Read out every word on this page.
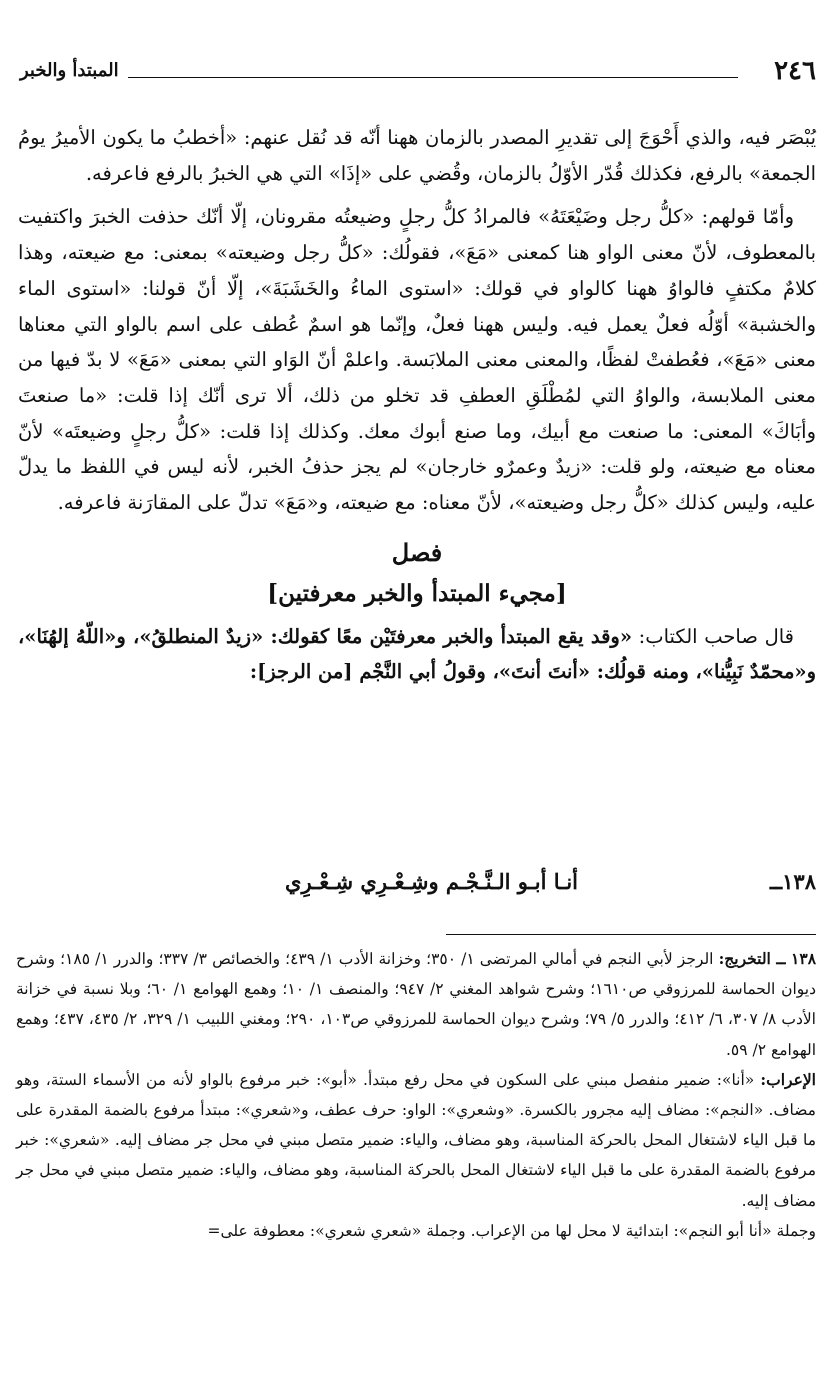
٢٤٦
المبتدأ والخبر

يُبْصَر فيه، والذي أَحْوَجَ إلى تقديرِ المصدر بالزمان ههنا أنّه قد نُقل عنهم: «أخطبُ ما يكون الأميرُ يومُ الجمعة» بالرفع، فكذلك قُدّر الأوّلُ بالزمان، وقُضي على «إذَا» التي هي الخبرُ بالرفع فاعرفه.

وأمّا قولهم: «كلُّ رجل وضَيْعَتَهُ» فالمرادُ كلُّ رجلٍ وضيعتُه مقرونان، إلّا أنّك حذفت الخبرَ واكتفيت بالمعطوف، لأنّ معنى الواو هنا كمعنى «مَعَ»، فقولُك: «كلُّ رجل وضيعته» بمعنى: مع ضيعته، وهذا كلامٌ مكتفٍ فالواوُ ههنا كالواو في قولك: «استوى الماءُ والخَشَبَةَ»، إلّا أنّ قولنا: «استوى الماء والخشبة» أوّلُه فعلٌ يعمل فيه. وليس ههنا فعلٌ، وإنّما هو اسمٌ عُطف على اسم بالواو التي معناها معنى «مَعَ»، فعُطفتْ لفظًا، والمعنى معنى الملابَسة. واعلمْ أنّ الوَاو التي بمعنى «مَعَ» لا بدّ فيها من معنى الملابسة، والواوُ التي لمُطْلَقِ العطفِ قد تخلو من ذلك، ألا ترى أنّك إذا قلت: «ما صنعتَ وأبَاكَ» المعنى: ما صنعت مع أبيك، وما صنع أبوك معك. وكذلك إذا قلت: «كلُّ رجلٍ وضيعتَه» لأنّ معناه مع ضيعته، ولو قلت: «زيدٌ وعمرٌو خارجان» لم يجز حذفُ الخبر، لأنه ليس في اللفظ ما يدلّ عليه، وليس كذلك «كلُّ رجل وضيعته»، لأنّ معناه: مع ضيعته، و«مَعَ» تدلّ على المقارَنة فاعرفه.

فصل
[مجيء المبتدأ والخبر معرفتين]

قال صاحب الكتاب: «وقد يقع المبتدأ والخبر معرفتَيْن معًا كقولك: «زيدٌ المنطلقُ»، و«اللّهُ إلهُنَا»، و«محمّدٌ نَبِيُّنا»، ومنه قولُك: «أنتَ أنتَ»، وقولُ أبي النَّجْم [من الرجز]:

١٣٨ــ
أنـا أبـو الـنَّـجْـم وشِـعْـرِي شِـعْـرِي

١٣٨ ــ التخريج: الرجز لأبي النجم في أمالي المرتضى ١/ ٣٥٠؛ وخزانة الأدب ١/ ٤٣٩؛ والخصائص ٣/ ٣٣٧؛ والدرر ١/ ١٨٥؛ وشرح ديوان الحماسة للمرزوقي ص١٦١٠؛ وشرح شواهد المغني ٢/ ٩٤٧؛ والمنصف ١/ ١٠؛ وهمع الهوامع ١/ ٦٠؛ وبلا نسبة في خزانة الأدب ٨/ ٣٠٧، ٦/ ٤١٢؛ والدرر ٥/ ٧٩؛ وشرح ديوان الحماسة للمرزوقي ص١٠٣، ٢٩٠؛ ومغني اللبيب ١/ ٣٢٩، ٢/ ٤٣٥، ٤٣٧؛ وهمع الهوامع ٢/ ٥٩.

الإعراب: «أنا»: ضمير منفصل مبني على السكون في محل رفع مبتدأ. «أبو»: خبر مرفوع بالواو لأنه من الأسماء الستة، وهو مضاف. «النجم»: مضاف إليه مجرور بالكسرة. «وشعري»: الواو: حرف عطف، و«شعري»: مبتدأ مرفوع بالضمة المقدرة على ما قبل الياء لاشتغال المحل بالحركة المناسبة، وهو مضاف، والياء: ضمير متصل مبني في محل جر مضاف إليه. «شعري»: خبر مرفوع بالضمة المقدرة على ما قبل الياء لاشتغال المحل بالحركة المناسبة، وهو مضاف، والياء: ضمير متصل مبني في محل جر مضاف إليه.

وجملة «أنا أبو النجم»: ابتدائية لا محل لها من الإعراب. وجملة «شعري شعري»: معطوفة على=
